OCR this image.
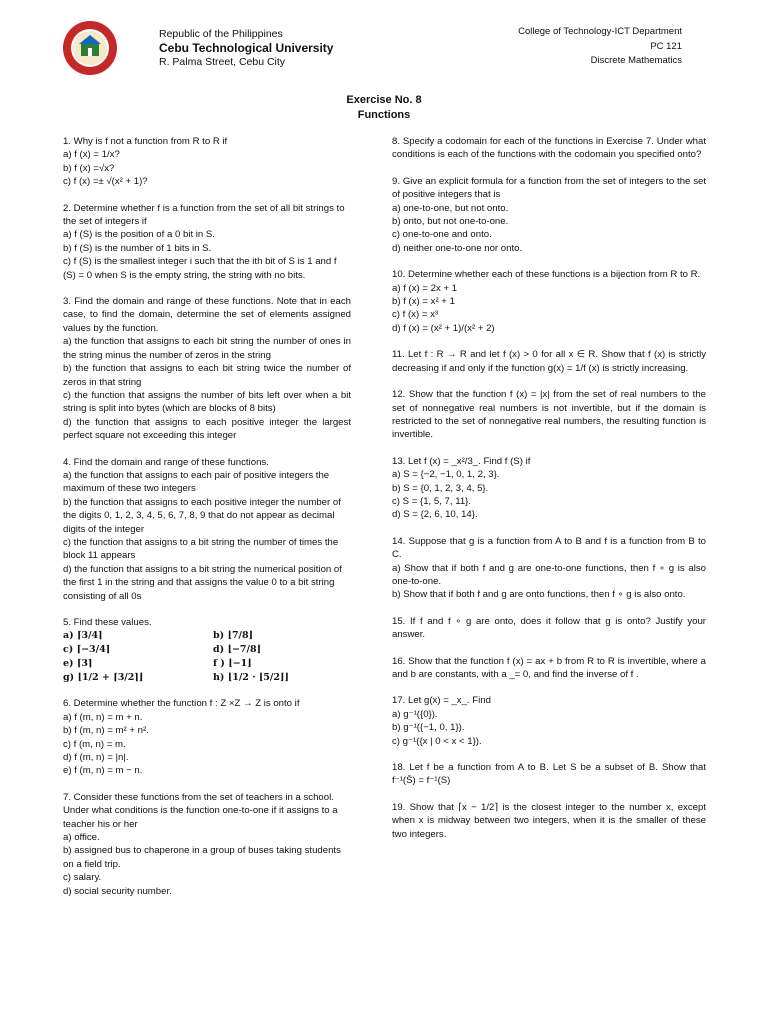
Republic of the Philippines
Cebu Technological University
R. Palma Street, Cebu City
College of Technology-ICT Department
PC 121
Discrete Mathematics
Exercise No. 8
Functions

1. Why is f not a function from R to R if

a) f (x) = 1/x?

b) f (x) =√x?

c) f (x) =± √(x² + 1)?

2. Determine whether f is a function from the set of all bit strings to the set of integers if

a) f (S) is the position of a 0 bit in S.

b) f (S) is the number of 1 bits in S.

c) f (S) is the smallest integer i such that the ith bit of S is 1 and f (S) = 0 when S is the empty string, the string with no bits.

3. Find the domain and range of these functions. Note that in each case, to find the domain, determine the set of elements assigned values by the function.

a) the function that assigns to each bit string the number of ones in the string minus the number of zeros in the string

b) the function that assigns to each bit string twice the number of zeros in that string

c) the function that assigns the number of bits left over when a bit string is split into bytes (which are blocks of 8 bits)

d) the function that assigns to each positive integer the largest perfect square not exceeding this integer

4. Find the domain and range of these functions.

a) the function that assigns to each pair of positive integers the maximum of these two integers

b) the function that assigns to each positive integer the number of the digits 0, 1, 2, 3, 4, 5, 6, 7, 8, 9 that do not appear as decimal digits of the integer

c) the function that assigns to a bit string the number of times the block 11 appears

d) the function that assigns to a bit string the numerical position of the first 1 in the string and that assigns the value 0 to a bit string consisting of all 0s

5. Find these values.

a) ⌈3/4⌉	b) ⌊7/8⌋
c) ⌈−3/4⌉	d) ⌊−7/8⌋
e) ⌈3⌉	f ) ⌊−1⌋
g) ⌊1/2 + ⌈3/2⌉⌋	h) ⌊1/2 · ⌊5/2⌋⌋

6. Determine whether the function f : Z ×Z → Z is onto if

a) f (m, n) = m + n.

b) f (m, n) = m² + n².

c) f (m, n) = m.

d) f (m, n) = |n|.

e) f (m, n) = m − n.

7. Consider these functions from the set of teachers in a school. Under what conditions is the function one-to-one if it assigns to a teacher his or her

a) office.

b) assigned bus to chaperone in a group of buses taking students on a field trip.

c) salary.

d) social security number.

8. Specify a codomain for each of the functions in Exercise 7. Under what conditions is each of the functions with the codomain you specified onto?

9. Give an explicit formula for a function from the set of integers to the set of positive integers that is

a) one-to-one, but not onto.

b) onto, but not one-to-one.

c) one-to-one and onto.

d) neither one-to-one nor onto.

10. Determine whether each of these functions is a bijection from R to R.

a) f (x) = 2x + 1

b) f (x) = x² + 1

c) f (x) = x³

d) f (x) = (x² + 1)/(x² + 2)

11. Let f : R → R and let f (x) > 0 for all x ∈ R. Show that f (x) is strictly decreasing if and only if the function g(x) = 1/f (x) is strictly increasing.

12. Show that the function f (x) = |x| from the set of real numbers to the set of nonnegative real numbers is not invertible, but if the domain is restricted to the set of nonnegative real numbers, the resulting function is invertible.

13. Let f (x) = _x²/3_. Find f (S) if

a) S = {−2, −1, 0, 1, 2, 3}.

b) S = {0, 1, 2, 3, 4, 5}.

c) S = {1, 5, 7, 11}.

d) S = {2, 6, 10, 14}.

14. Suppose that g is a function from A to B and f is a function from B to C.

a) Show that if both f and g are one-to-one functions, then f ∘ g is also one-to-one.

b) Show that if both f and g are onto functions, then f ∘ g is also onto.

15. If f and f ∘ g are onto, does it follow that g is onto? Justify your answer.

16. Show that the function f (x) = ax + b from R to R is invertible, where a and b are constants, with a _= 0, and find the inverse of f .

17. Let g(x) = _x_. Find

a) g⁻¹({0}).

b) g⁻¹({−1, 0, 1}).

c) g⁻¹({x | 0 < x < 1}).

18. Let f be a function from A to B. Let S be a subset of B. Show that f⁻¹(S̄) = f⁻¹(S)

19. Show that ⌈x − 1/2⌉ is the closest integer to the number x, except when x is midway between two integers, when it is the smaller of these two integers.
